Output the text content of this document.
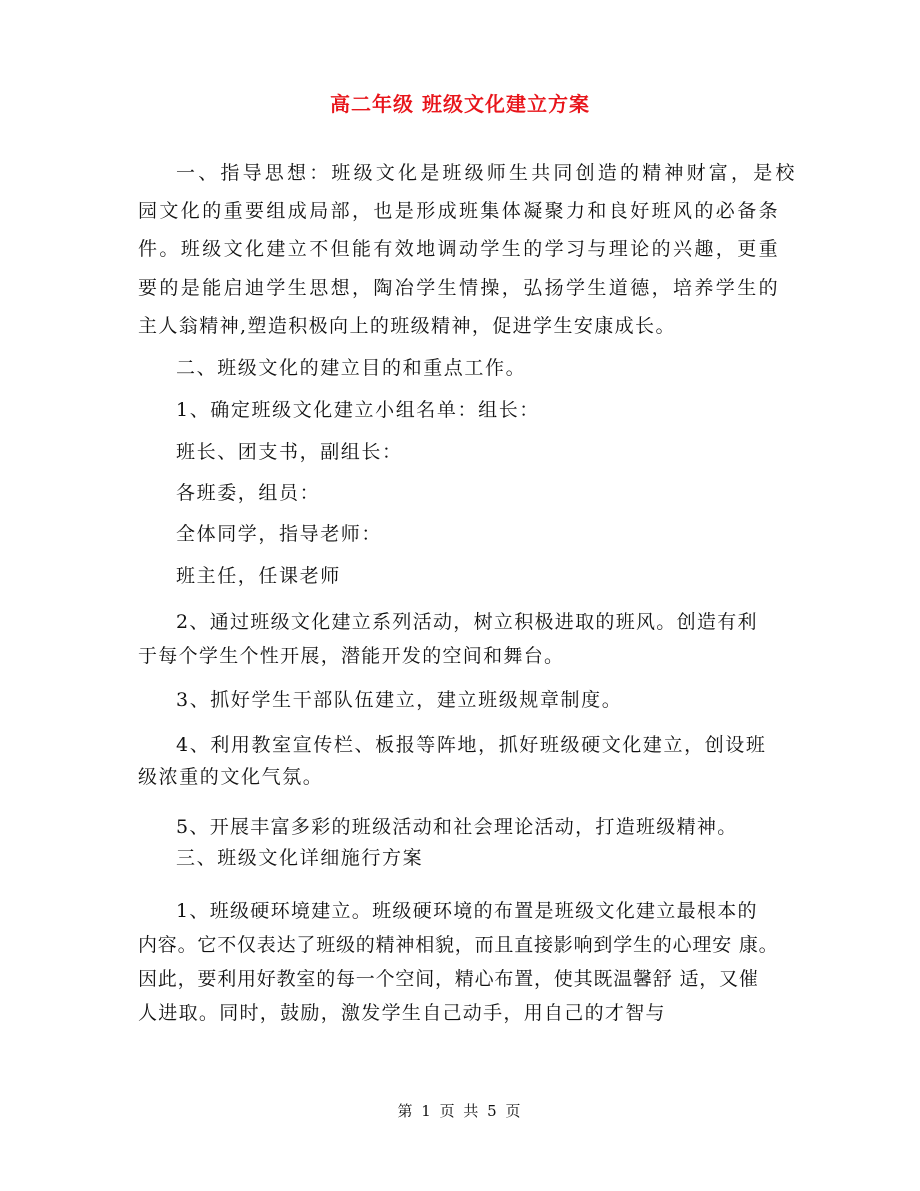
高二年级 班级文化建立方案
一、指导思想：班级文化是班级师生共同创造的精神财富，是校
园文化的重要组成局部，也是形成班集体凝聚力和良好班风的必备条
件。班级文化建立不但能有效地调动学生的学习与理论的兴趣，更重
要的是能启迪学生思想，陶冶学生情操，弘扬学生道德，培养学生的
主人翁精神,塑造积极向上的班级精神，促进学生安康成长。
二、班级文化的建立目的和重点工作。
1、确定班级文化建立小组名单：组长：
班长、团支书，副组长：
各班委，组员：
全体同学，指导老师：
班主任，任课老师
2、通过班级文化建立系列活动，树立积极进取的班风。创造有利
于每个学生个性开展，潜能开发的空间和舞台。
3、抓好学生干部队伍建立，建立班级规章制度。
4、利用教室宣传栏、板报等阵地，抓好班级硬文化建立，创设班
级浓重的文化气氛。
5、开展丰富多彩的班级活动和社会理论活动，打造班级精神。
三、班级文化详细施行方案
1、班级硬环境建立。班级硬环境的布置是班级文化建立最根本的
内容。它不仅表达了班级的精神相貌，而且直接影响到学生的心理安 康。
因此，要利用好教室的每一个空间，精心布置，使其既温馨舒 适，又催
人进取。同时，鼓励，激发学生自己动手，用自己的才智与
第 1 页 共 5 页
